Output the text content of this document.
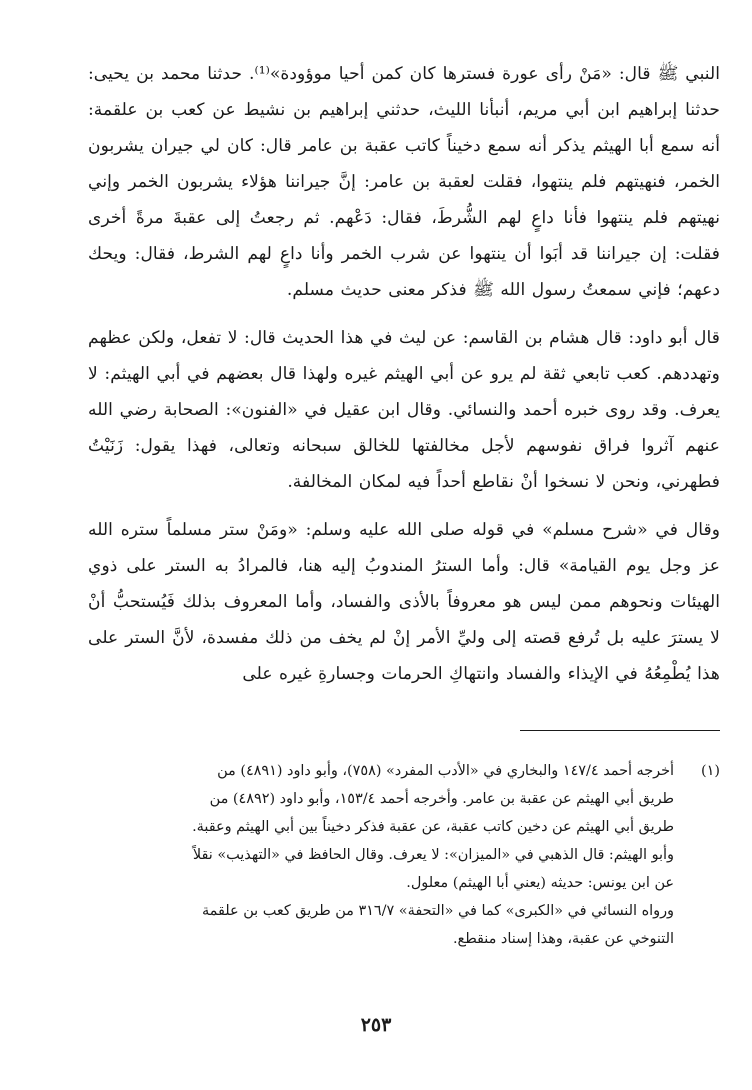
النبي ﷺ قال: «مَنْ رأى عورة فسترها كان كمن أحيا موؤودة»⁽¹⁾. حدثنا محمد بن يحيى: حدثنا إبراهيم ابن أبي مريم، أنبأنا الليث، حدثني إبراهيم بن نشيط عن كعب بن علقمة: أنه سمع أبا الهيثم يذكر أنه سمع دخيناً كاتب عقبة بن عامر قال: كان لي جيران يشربون الخمر، فنهيتهم فلم ينتهوا، فقلت لعقبة بن عامر: إنَّ جيراننا هؤلاء يشربون الخمر وإني نهيتهم فلم ينتهوا فأنا داعٍ لهم الشُّرطَ، فقال: دَعْهم. ثم رجعتُ إلى عقبةَ مرةً أخرى فقلت: إن جيراننا قد أبَوا أن ينتهوا عن شرب الخمر وأنا داعٍ لهم الشرط، فقال: ويحك دعهم؛ فإني سمعتُ رسول الله ﷺ فذكر معنى حديث مسلم.

قال أبو داود: قال هشام بن القاسم: عن ليث في هذا الحديث قال: لا تفعل، ولكن عظهم وتهددهم. كعب تابعي ثقة لم يرو عن أبي الهيثم غيره ولهذا قال بعضهم في أبي الهيثم: لا يعرف. وقد روى خبره أحمد والنسائي. وقال ابن عقيل في «الفنون»: الصحابة رضي الله عنهم آثروا فراق نفوسهم لأجل مخالفتها للخالق سبحانه وتعالى، فهذا يقول: زَنَيْتُ فطهرني، ونحن لا نسخوا أنْ نقاطع أحداً فيه لمكان المخالفة.

وقال في «شرح مسلم» في قوله صلى الله عليه وسلم: «ومَنْ ستر مسلماً ستره الله عز وجل يوم القيامة» قال: وأما السترُ المندوبُ إليه هنا، فالمرادُ به الستر على ذوي الهيئات ونحوهم ممن ليس هو معروفاً بالأذى والفساد، وأما المعروف بذلك فَيُستحبُّ أنْ لا يسترَ عليه بل تُرفع قصته إلى وليِّ الأمر إنْ لم يخف من ذلك مفسدة، لأنَّ الستر على هذا يُطْمِعُهُ في الإيذاء والفساد وانتهاكِ الحرمات وجسارةِ غيره على

(١)

أخرجه أحمد ١٤٧/٤ والبخاري في «الأدب المفرد» (٧٥٨)، وأبو داود (٤٨٩١) من

طريق أبي الهيثم عن عقبة بن عامر. وأخرجه أحمد ١٥٣/٤، وأبو داود (٤٨٩٢) من

طريق أبي الهيثم عن دخين كاتب عقبة، عن عقبة فذكر دخيناً بين أبي الهيثم وعقبة.

وأبو الهيثم: قال الذهبي في «الميزان»: لا يعرف. وقال الحافظ في «التهذيب» نقلاً

عن ابن يونس: حديثه (يعني أبا الهيثم) معلول.

ورواه النسائي في «الكبرى» كما في «التحفة» ٣١٦/٧ من طريق كعب بن علقمة

التنوخي عن عقبة، وهذا إسناد منقطع.

٢٥٣
